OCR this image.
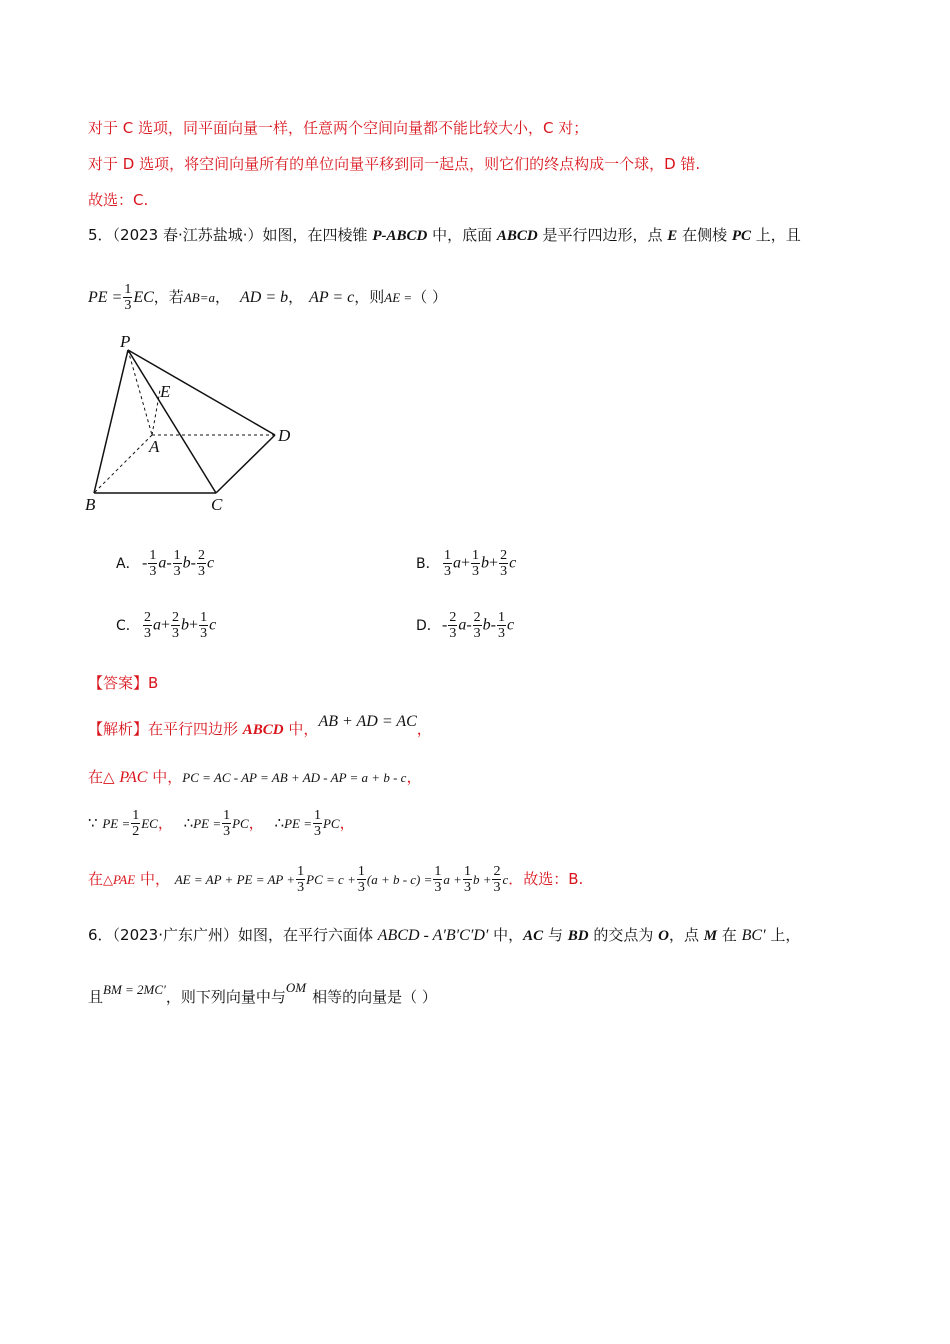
对于 C 选项，同平面向量一样，任意两个空间向量都不能比较大小，C 对；
对于 D 选项，将空间向量所有的单位向量平移到同一起点，则它们的终点构成一个球，D 错.
故选：C.
5．（2023 春·江苏盐城·）如图，在四棱锥 P-ABCD 中，底面 ABCD 是平行四边形，点 E 在侧棱 PC 上，且
PE = $\frac{1}{3}$ EC，若AB=a， AD = b， AP = c，则AE =（ ）
P
E
A
D
B	C
A． - $\frac{1}{3} a- \frac{1}{3} b- \frac{2}{3}$ c	B． $\frac{1}{3} a+ \frac{1}{3} b+ \frac{2}{3}$ c
C． $\frac{2}{3} a+ \frac{2}{3} b+ \frac{1}{3}$ c	D．- $\frac{2}{3} a- \frac{2}{3} b- \frac{1}{3}$ c
【答案】B
【解析】在平行四边形 ABCD 中，AB + AD = AC，
在△ PAC 中，PC = AC - AP = AB + AD - AP = a + b - c，
∵ PE = $\frac{1}{2}$ EC， ∴PE = $\frac{1}{3}$ PC， ∴PE = $\frac{1}{3}$ PC，
在△PAE 中， AE = AP + PE = AP + $\frac{1}{3}$ PC = $c + \frac{1}{3} (a + b - c) = \frac{1}{3}$ $a + \frac{1}{3}$ $b + \frac{2}{3}$ c．故选：B.
6．（2023·广东广州）如图，在平行六面体 ABCD - A′B′C′D′ 中，AC 与 BD 的交点为 O，点 M 在 BC′ 上，
且BM = 2MC′，则下列向量中与OM相等的向量是（ ）
